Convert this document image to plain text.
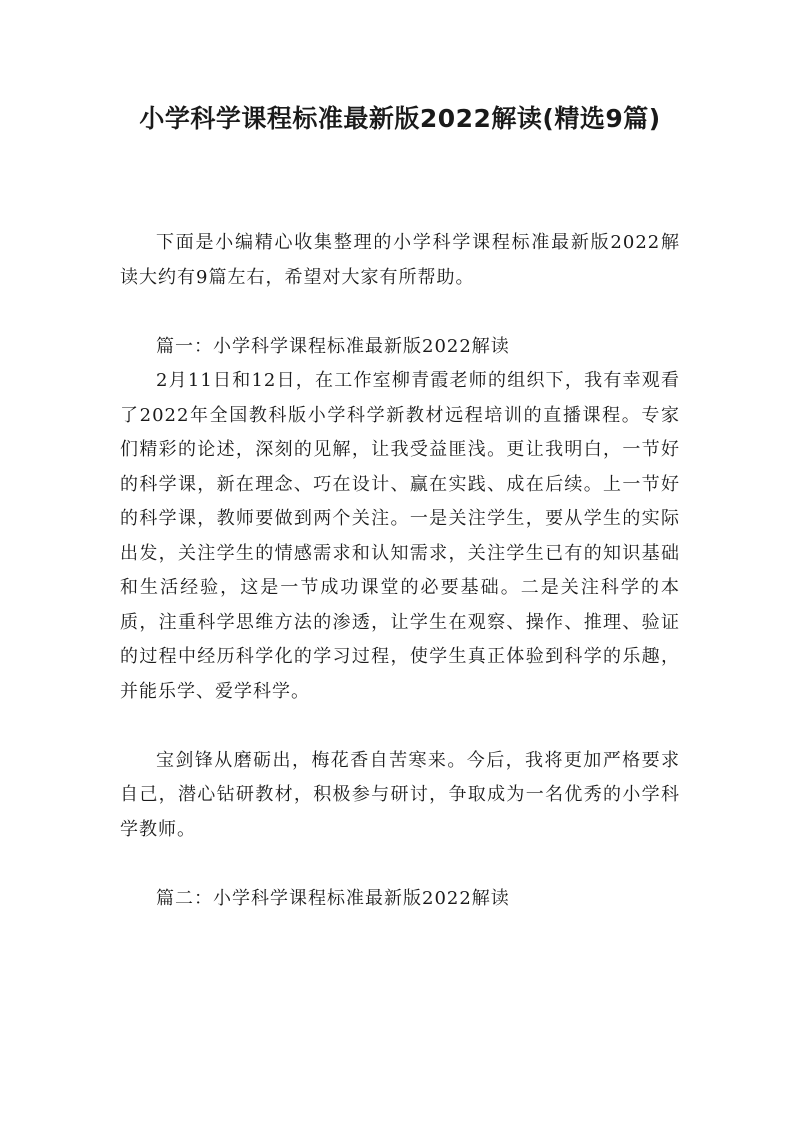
小学科学课程标准最新版2022解读(精选9篇)

下面是小编精心收集整理的小学科学课程标准最新版2022解读大约有9篇左右，希望对大家有所帮助。

篇一：小学科学课程标准最新版2022解读

2月11日和12日，在工作室柳青霞老师的组织下，我有幸观看了2022年全国教科版小学科学新教材远程培训的直播课程。专家们精彩的论述，深刻的见解，让我受益匪浅。更让我明白，一节好的科学课，新在理念、巧在设计、赢在实践、成在后续。上一节好的科学课，教师要做到两个关注。一是关注学生，要从学生的实际出发，关注学生的情感需求和认知需求，关注学生已有的知识基础和生活经验，这是一节成功课堂的必要基础。二是关注科学的本质，注重科学思维方法的渗透，让学生在观察、操作、推理、验证的过程中经历科学化的学习过程，使学生真正体验到科学的乐趣，并能乐学、爱学科学。

宝剑锋从磨砺出，梅花香自苦寒来。今后，我将更加严格要求自己，潜心钻研教材，积极参与研讨，争取成为一名优秀的小学科学教师。

篇二：小学科学课程标准最新版2022解读
